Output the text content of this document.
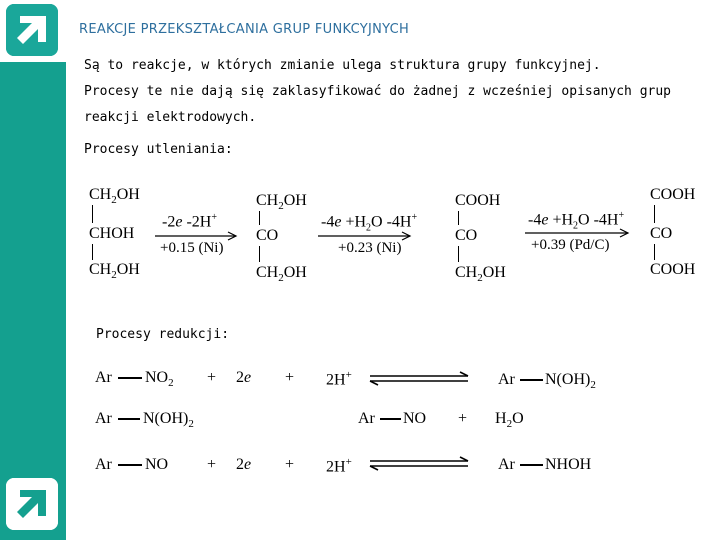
REAKCJE PRZEKSZTAŁCANIA GRUP FUNKCYJNYCH
Są to reakcje, w których zmianie ulega struktura grupy funkcyjnej.
Procesy te nie dają się zaklasyfikować do żadnej z wcześniej opisanych grup
reakcji elektrodowych.
Procesy utleniania:
$CH_2OH$
CHOH
$CH_2OH$
-2e -2H+
+0.15 (Ni)
$CH_2OH$
CO
$CH_2OH$
$-4e +H_2O$ -4H+
+0.23 (Ni)
COOH
CO
$CH_2OH$
$-4e +H_2O$ -4H+
+0.39 (Pd/C)
COOH
CO
COOH
Procesy redukcji:
Ar $NO_2 + 2e + 2H^+$	Ar $N(OH)_2$
Ar $N(OH)_2$	Ar NO + $H_2O$
Ar NO + 2e + 2H+	Ar NHOH
